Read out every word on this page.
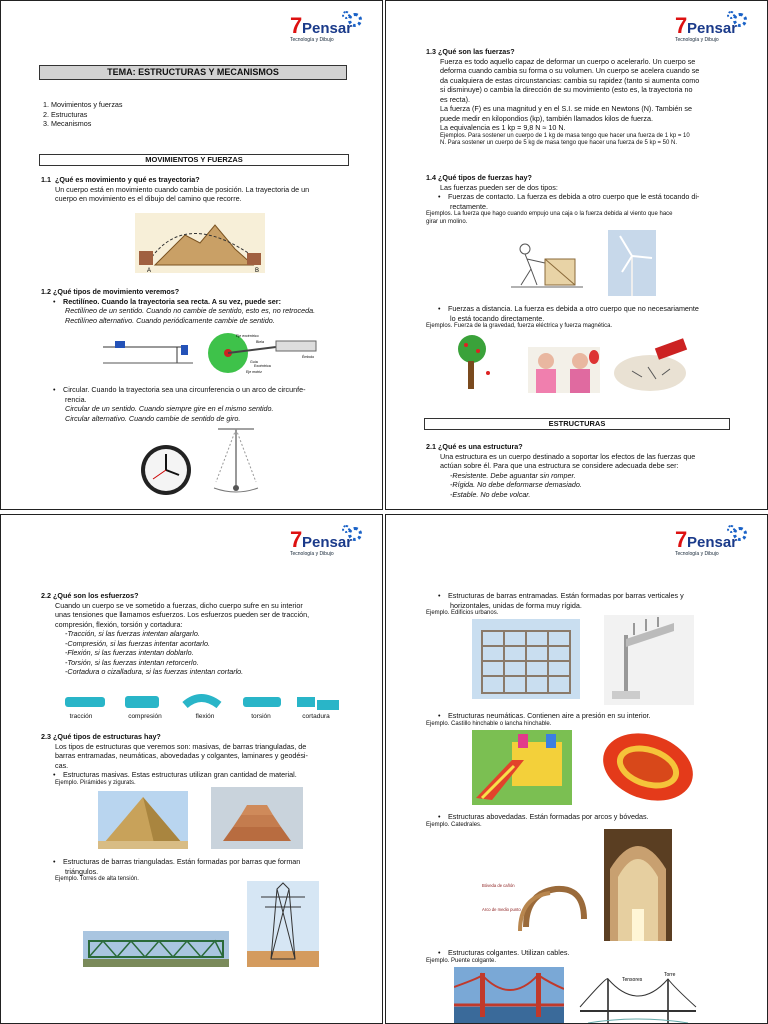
7 Pensar
Tecnología y Dibujo
TEMA: ESTRUCTURAS Y MECANISMOS
1. Movimientos y fuerzas
2. Estructuras
3. Mecanismos
MOVIMIENTOS Y FUERZAS
1.1 ¿Qué es movimiento y qué es trayectoria?
Un cuerpo está en movimiento cuando cambia de posición. La trayectoria de un
cuerpo en movimiento es el dibujo del camino que recorre.
A	B
1.2 ¿Qué tipos de movimiento veremos?
• Rectilíneo. Cuando la trayectoria sea recta. A su vez, puede ser:
Rectilíneo de un sentido. Cuando no cambie de sentido, esto es, no retroceda.
Rectilíneo alternativo. Cuando periódicamente cambie de sentido.
Eje excéntrico
Biela
Émbolo
Guía
Excéntrica
Eje motriz
• Circular. Cuando la trayectoria sea una circunferencia o un arco de circunfe-
rencia.
Circular de un sentido. Cuando siempre gire en el mismo sentido.
Circular alternativo. Cuando cambie de sentido de giro.
7 Pensar
Tecnología y Dibujo
1.3 ¿Qué son las fuerzas?
Fuerza es todo aquello capaz de deformar un cuerpo o acelerarlo. Un cuerpo se
deforma cuando cambia su forma o su volumen. Un cuerpo se acelera cuando se
da cualquiera de estas circunstancias: cambia su rapidez (tanto si aumenta como
si disminuye) o cambia la dirección de su movimiento (esto es, la trayectoria no
es recta).
La fuerza (F) es una magnitud y en el S.I. se mide en Newtons (N). También se
puede medir en kilopondios (kp), también llamados kilos de fuerza.
La equivalencia es 1 kp = 9,8 N ≈ 10 N.
Ejemplos. Para sostener un cuerpo de 1 kg de masa tengo que hacer una fuerza de 1 kp = 10
N. Para sostener un cuerpo de 5 kg de masa tengo que hacer una fuerza de 5 kp = 50 N.
1.4 ¿Qué tipos de fuerzas hay?
Las fuerzas pueden ser de dos tipos:
• Fuerzas de contacto. La fuerza es debida a otro cuerpo que le está tocando di-
rectamente.
Ejemplos. La fuerza que hago cuando empujo una caja o la fuerza debida al viento que hace
girar un molino.
• Fuerzas a distancia. La fuerza es debida a otro cuerpo que no necesariamente
lo está tocando directamente.
Ejemplos. Fuerza de la gravedad, fuerza eléctrica y fuerza magnética.
ESTRUCTURAS
2.1 ¿Qué es una estructura?
Una estructura es un cuerpo destinado a soportar los efectos de las fuerzas que
actúan sobre él. Para que una estructura se considere adecuada debe ser:
-Resistente. Debe aguantar sin romper.
-Rígida. No debe deformarse demasiado.
-Estable. No debe volcar.
7 Pensar
Tecnología y Dibujo
2.2 ¿Qué son los esfuerzos?
Cuando un cuerpo se ve sometido a fuerzas, dicho cuerpo sufre en su interior
unas tensiones que llamamos esfuerzos. Los esfuerzos pueden ser de tracción,
compresión, flexión, torsión y cortadura:
-Tracción, si las fuerzas intentan alargarlo.
-Compresión, si las fuerzas intentar acortarlo.
-Flexión, si las fuerzas intentan doblarlo.
-Torsión, si las fuerzas intentan retorcerlo.
-Cortadura o cizalladura, si las fuerzas intentan cortarlo.
tracción	compresión	flexión	torsión	cortadura
2.3 ¿Qué tipos de estructuras hay?
Los tipos de estructuras que veremos son: masivas, de barras trianguladas, de
barras entramadas, neumáticas, abovedadas y colgantes, laminares y geodési-
cas.
• Estructuras masivas. Estas estructuras utilizan gran cantidad de material.
Ejemplo. Pirámides y zigurats.
• Estructuras de barras trianguladas. Están formadas por barras que forman
triángulos.
Ejemplo. Torres de alta tensión.
7 Pensar
Tecnología y Dibujo
• Estructuras de barras entramadas. Están formadas por barras verticales y
horizontales, unidas de forma muy rígida.
Ejemplo. Edificios urbanos.
• Estructuras neumáticas. Contienen aire a presión en su interior.
Ejemplo. Castillo hinchable o lancha hinchable.
• Estructuras abovedadas. Están formadas por arcos y bóvedas.
Ejemplo. Catedrales.
Bóveda de cañón
Arco de medio punto
• Estructuras colgantes. Utilizan cables.
Ejemplo. Puente colgante.
Torre
Tensores
